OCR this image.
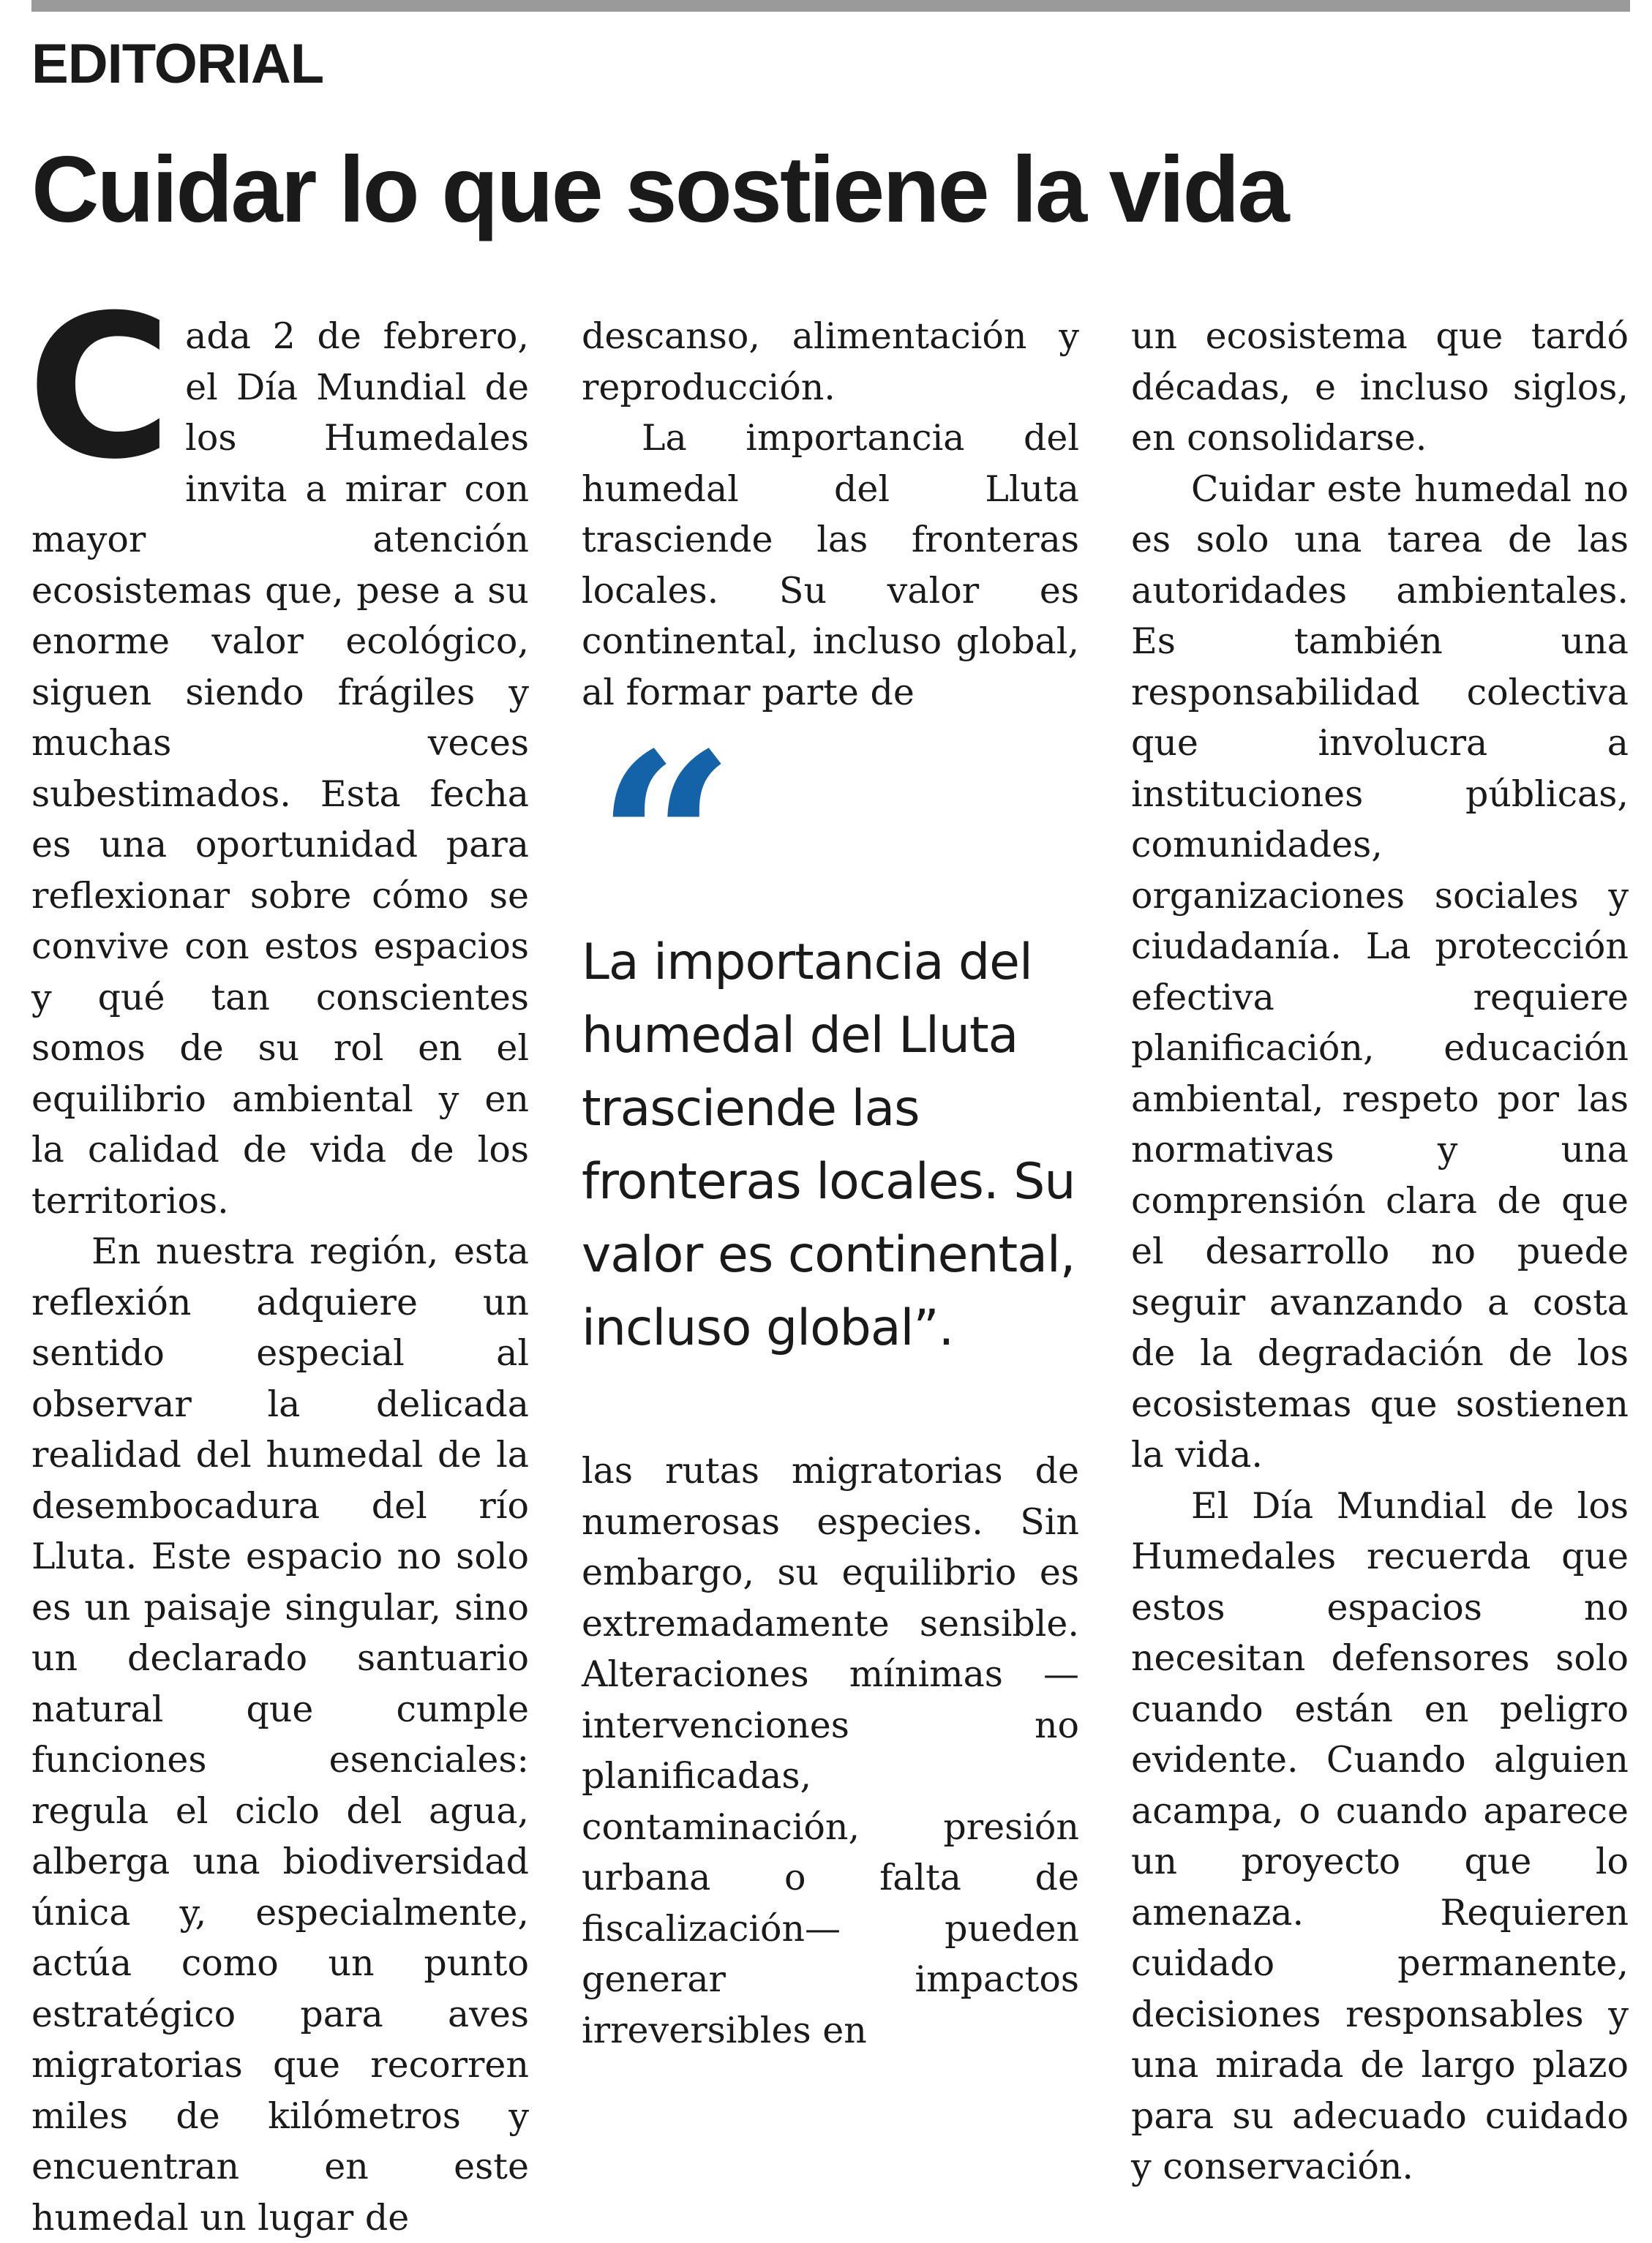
EDITORIAL
Cuidar lo que sostiene la vida

Cada 2 de febrero, el Día Mundial de los Humedales invita a mirar con mayor atención ecosistemas que, pese a su enorme valor ecológico, siguen siendo frágiles y muchas veces subestimados. Esta fecha es una oportunidad para reflexionar sobre cómo se convive con estos espacios y qué tan conscientes somos de su rol en el equilibrio ambiental y en la calidad de vida de los territorios.

En nuestra región, esta reflexión adquiere un sentido especial al observar la delicada realidad del humedal de la desembocadura del río Lluta. Este espacio no solo es un paisaje singular, sino un declarado santuario natural que cumple funciones esenciales: regula el ciclo del agua, alberga una biodiversidad única y, especialmente, actúa como un punto estratégico para aves migratorias que recorren miles de kilómetros y encuentran en este humedal un lugar de

descanso, alimentación y reproducción.

La importancia del humedal del Lluta trasciende las fronteras locales. Su valor es continental, incluso global, al formar parte de

“
La importancia del humedal del Lluta trasciende las fronteras locales. Su valor es continental, incluso global”.

las rutas migratorias de numerosas especies. Sin embargo, su equilibrio es extremadamente sensible. Alteraciones mínimas — intervenciones no planificadas, contaminación, presión urbana o falta de fiscalización— pueden generar impactos irreversibles en

un ecosistema que tardó décadas, e incluso siglos, en consolidarse.

Cuidar este humedal no es solo una tarea de las autoridades ambientales. Es también una responsabilidad colectiva que involucra a instituciones públicas, comunidades, organizaciones sociales y ciudadanía. La protección efectiva requiere planificación, educación ambiental, respeto por las normativas y una comprensión clara de que el desarrollo no puede seguir avanzando a costa de la degradación de los ecosistemas que sostienen la vida.

El Día Mundial de los Humedales recuerda que estos espacios no necesitan defensores solo cuando están en peligro evidente. Cuando alguien acampa, o cuando aparece un proyecto que lo amenaza. Requieren cuidado permanente, decisiones responsables y una mirada de largo plazo para su adecuado cuidado y conservación.
